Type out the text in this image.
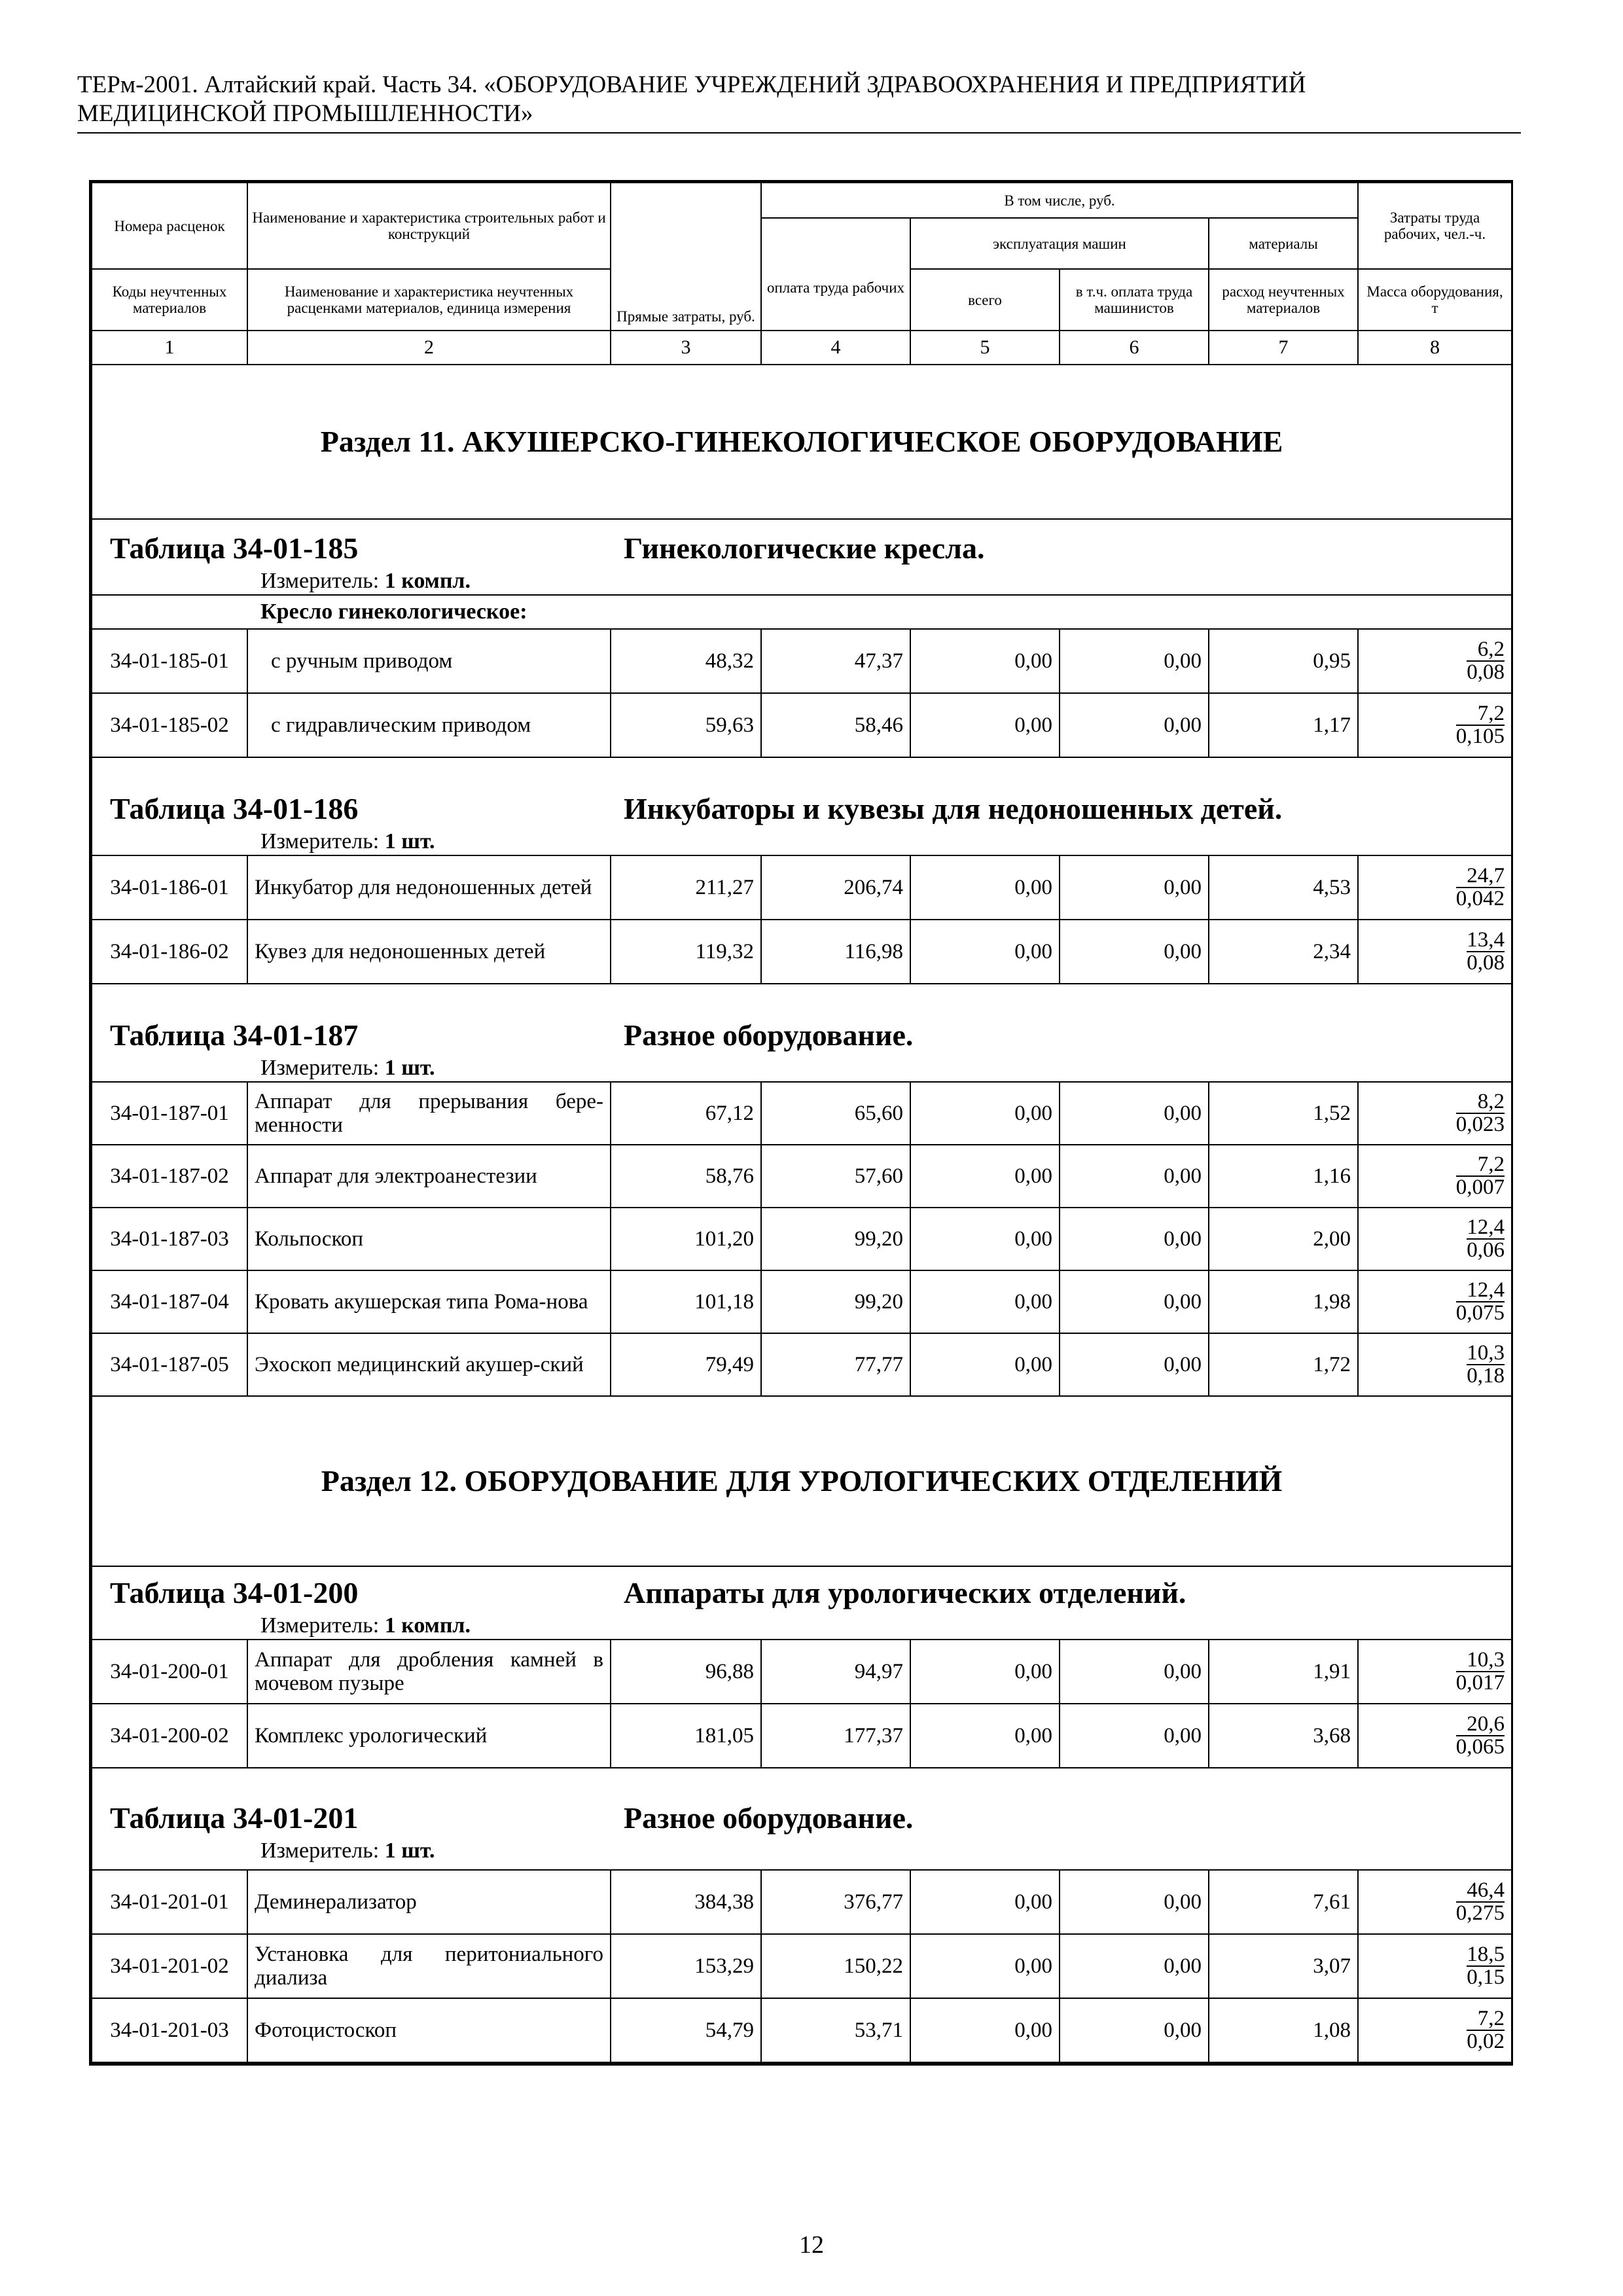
ТЕРм-2001. Алтайский край. Часть 34. «ОБОРУДОВАНИЕ УЧРЕЖДЕНИЙ ЗДРАВООХРАНЕНИЯ И ПРЕДПРИЯТИЙ
МЕДИЦИНСКОЙ ПРОМЫШЛЕННОСТИ»
Номера расценок	Наименование и характеристика строительных работ и конструкций	Прямые затраты, руб.	В том числе, руб.				Затраты труда рабочих, чел.-ч.

			оплата труда рабочих	эксплуатация машин		материалы	
Коды неучтенных материалов	Наименование и характеристика неучтенных расценками материалов, единица измерения			всего	в т.ч. оплата труда машинистов	расход неучтенных материалов	Масса оборудования, т
1	2	3	4	5	6	7	8
Раздел 11. АКУШЕРСКО-ГИНЕКОЛОГИЧЕСКОЕ ОБОРУДОВАНИЕ							

Таблица 34-01-185 Гинекологические кресла.
Измеритель: 1 компл.							

Кресло гинекологическое:							
34-01-185-01	с ручным приводом	48,32	47,37	0,00	0,00	0,95	$\frac{6,2}{0,08}$
34-01-185-02	с гидравлическим приводом	59,63	58,46	0,00	0,00	1,17	$\frac{7,2}{0,105}$

Таблица 34-01-186 Инкубаторы и кувезы для недоношенных детей.
Измеритель: 1 шт.							

34-01-186-01	Инкубатор для недоношенных детей	211,27	206,74	0,00	0,00	4,53	$\frac{24,7}{0,042}$
34-01-186-02	Кувез для недоношенных детей	119,32	116,98	0,00	0,00	2,34	$\frac{13,4}{0,08}$

Таблица 34-01-187 Разное оборудование.
Измеритель: 1 шт.							

34-01-187-01	Аппарат для прерывания бере-менности	67,12	65,60	0,00	0,00	1,52	$\frac{8,2}{0,023}$
34-01-187-02	Аппарат для электроанестезии	58,76	57,60	0,00	0,00	1,16	$\frac{7,2}{0,007}$
34-01-187-03	Кольпоскоп	101,20	99,20	0,00	0,00	2,00	$\frac{12,4}{0,06}$
34-01-187-04	Кровать акушерская типа Рома-нова	101,18	99,20	0,00	0,00	1,98	$\frac{12,4}{0,075}$
34-01-187-05	Эхоскоп медицинский акушер-ский	79,49	77,77	0,00	0,00	1,72	$\frac{10,3}{0,18}$
Раздел 12. ОБОРУДОВАНИЕ ДЛЯ УРОЛОГИЧЕСКИХ ОТДЕЛЕНИЙ							

Таблица 34-01-200 Аппараты для урологических отделений.
Измеритель: 1 компл.							

34-01-200-01	Аппарат для дробления камней в мочевом пузыре	96,88	94,97	0,00	0,00	1,91	$\frac{10,3}{0,017}$
34-01-200-02	Комплекс урологический	181,05	177,37	0,00	0,00	3,68	$\frac{20,6}{0,065}$

Таблица 34-01-201 Разное оборудование.
Измеритель: 1 шт.							

34-01-201-01	Деминерализатор	384,38	376,77	0,00	0,00	7,61	$\frac{46,4}{0,275}$
34-01-201-02	Установка для перитониального диализа	153,29	150,22	0,00	0,00	3,07	$\frac{18,5}{0,15}$
34-01-201-03	Фотоцистоскоп	54,79	53,71	0,00	0,00	1,08	$\frac{7,2}{0,02}$
12
